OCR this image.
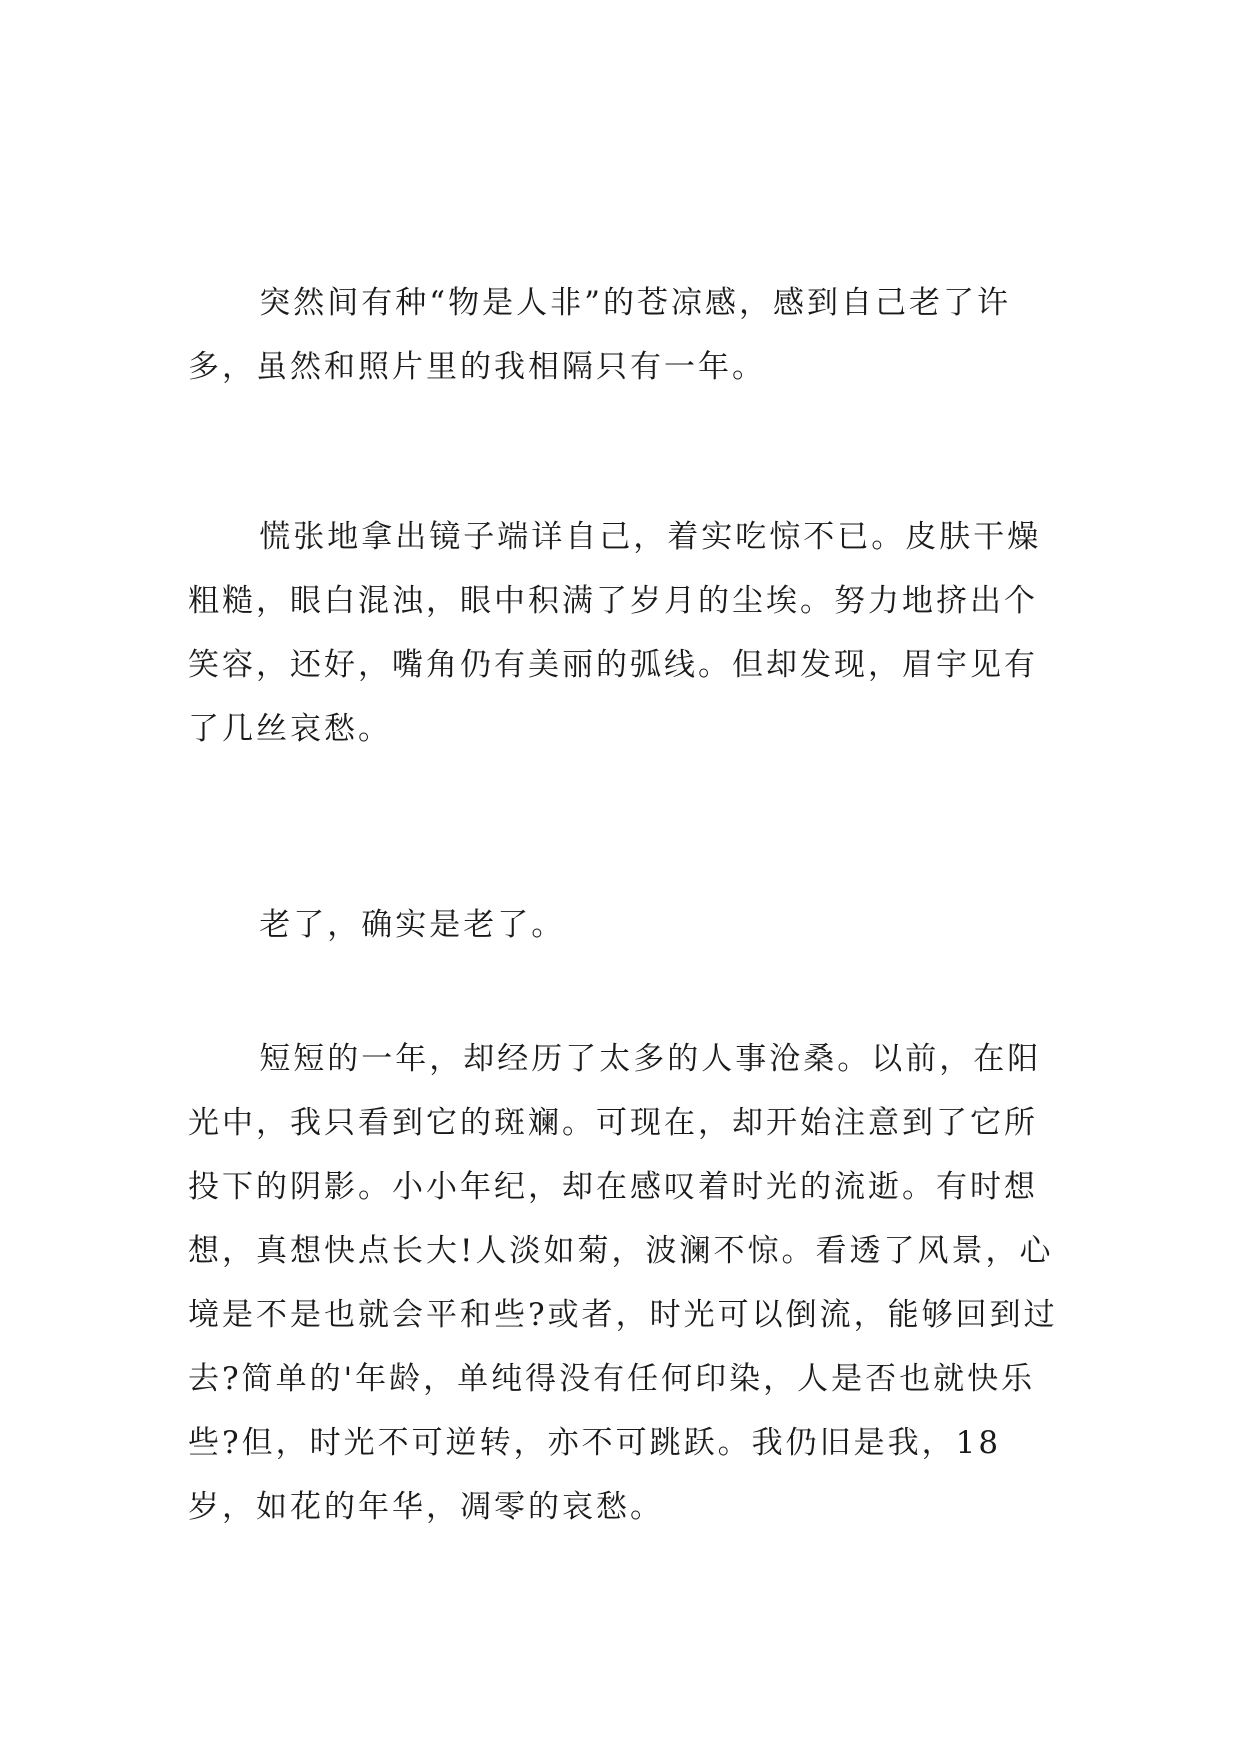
突然间有种“物是人非”的苍凉感，感到自己老了许多，虽然和照片里的我相隔只有一年。

慌张地拿出镜子端详自己，着实吃惊不已。皮肤干燥粗糙，眼白混浊，眼中积满了岁月的尘埃。努力地挤出个笑容，还好，嘴角仍有美丽的弧线。但却发现，眉宇见有了几丝哀愁。

老了，确实是老了。

短短的一年，却经历了太多的人事沧桑。以前，在阳光中，我只看到它的斑斓。可现在，却开始注意到了它所投下的阴影。小小年纪，却在感叹着时光的流逝。有时想想，真想快点长大!人淡如菊，波澜不惊。看透了风景，心境是不是也就会平和些?或者，时光可以倒流，能够回到过去?简单的'年龄，单纯得没有任何印染，人是否也就快乐些?但，时光不可逆转，亦不可跳跃。我仍旧是我，18 岁，如花的年华，凋零的哀愁。
